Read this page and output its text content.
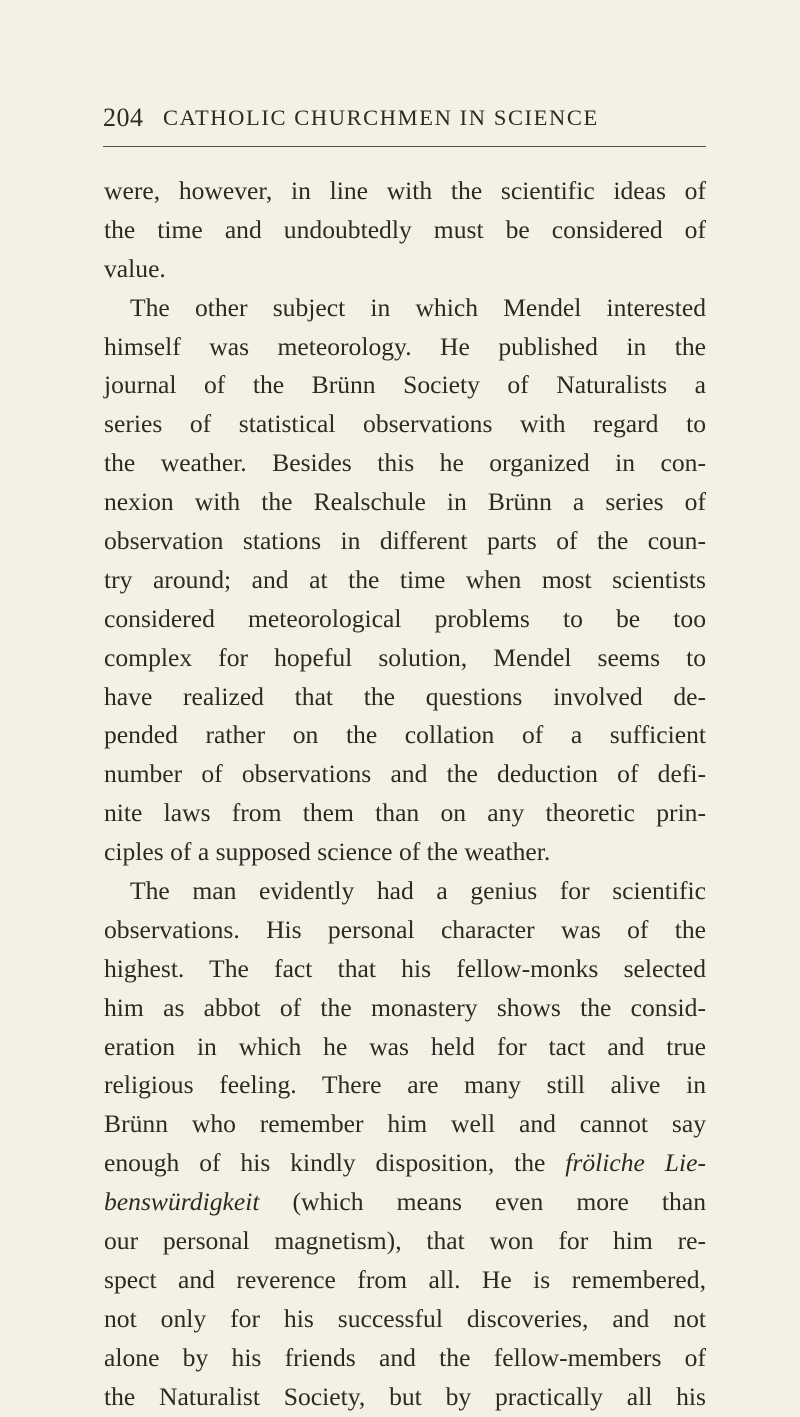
204 CATHOLIC CHURCHMEN IN SCIENCE
were, however, in line with the scientific ideas of
the time and undoubtedly must be considered of
value.
The other subject in which Mendel interested
himself was meteorology. He published in the
journal of the Brünn Society of Naturalists a
series of statistical observations with regard to
the weather. Besides this he organized in con-
nexion with the Realschule in Brünn a series of
observation stations in different parts of the coun-
try around; and at the time when most scientists
considered meteorological problems to be too
complex for hopeful solution, Mendel seems to
have realized that the questions involved de-
pended rather on the collation of a sufficient
number of observations and the deduction of defi-
nite laws from them than on any theoretic prin-
ciples of a supposed science of the weather.
The man evidently had a genius for scientific
observations. His personal character was of the
highest. The fact that his fellow-monks selected
him as abbot of the monastery shows the consid-
eration in which he was held for tact and true
religious feeling. There are many still alive in
Brünn who remember him well and cannot say
enough of his kindly disposition, the fröliche Lie-
benswürdigkeit (which means even more than
our personal magnetism), that won for him re-
spect and reverence from all. He is remembered,
not only for his successful discoveries, and not
alone by his friends and the fellow-members of
the Naturalist Society, but by practically all his
